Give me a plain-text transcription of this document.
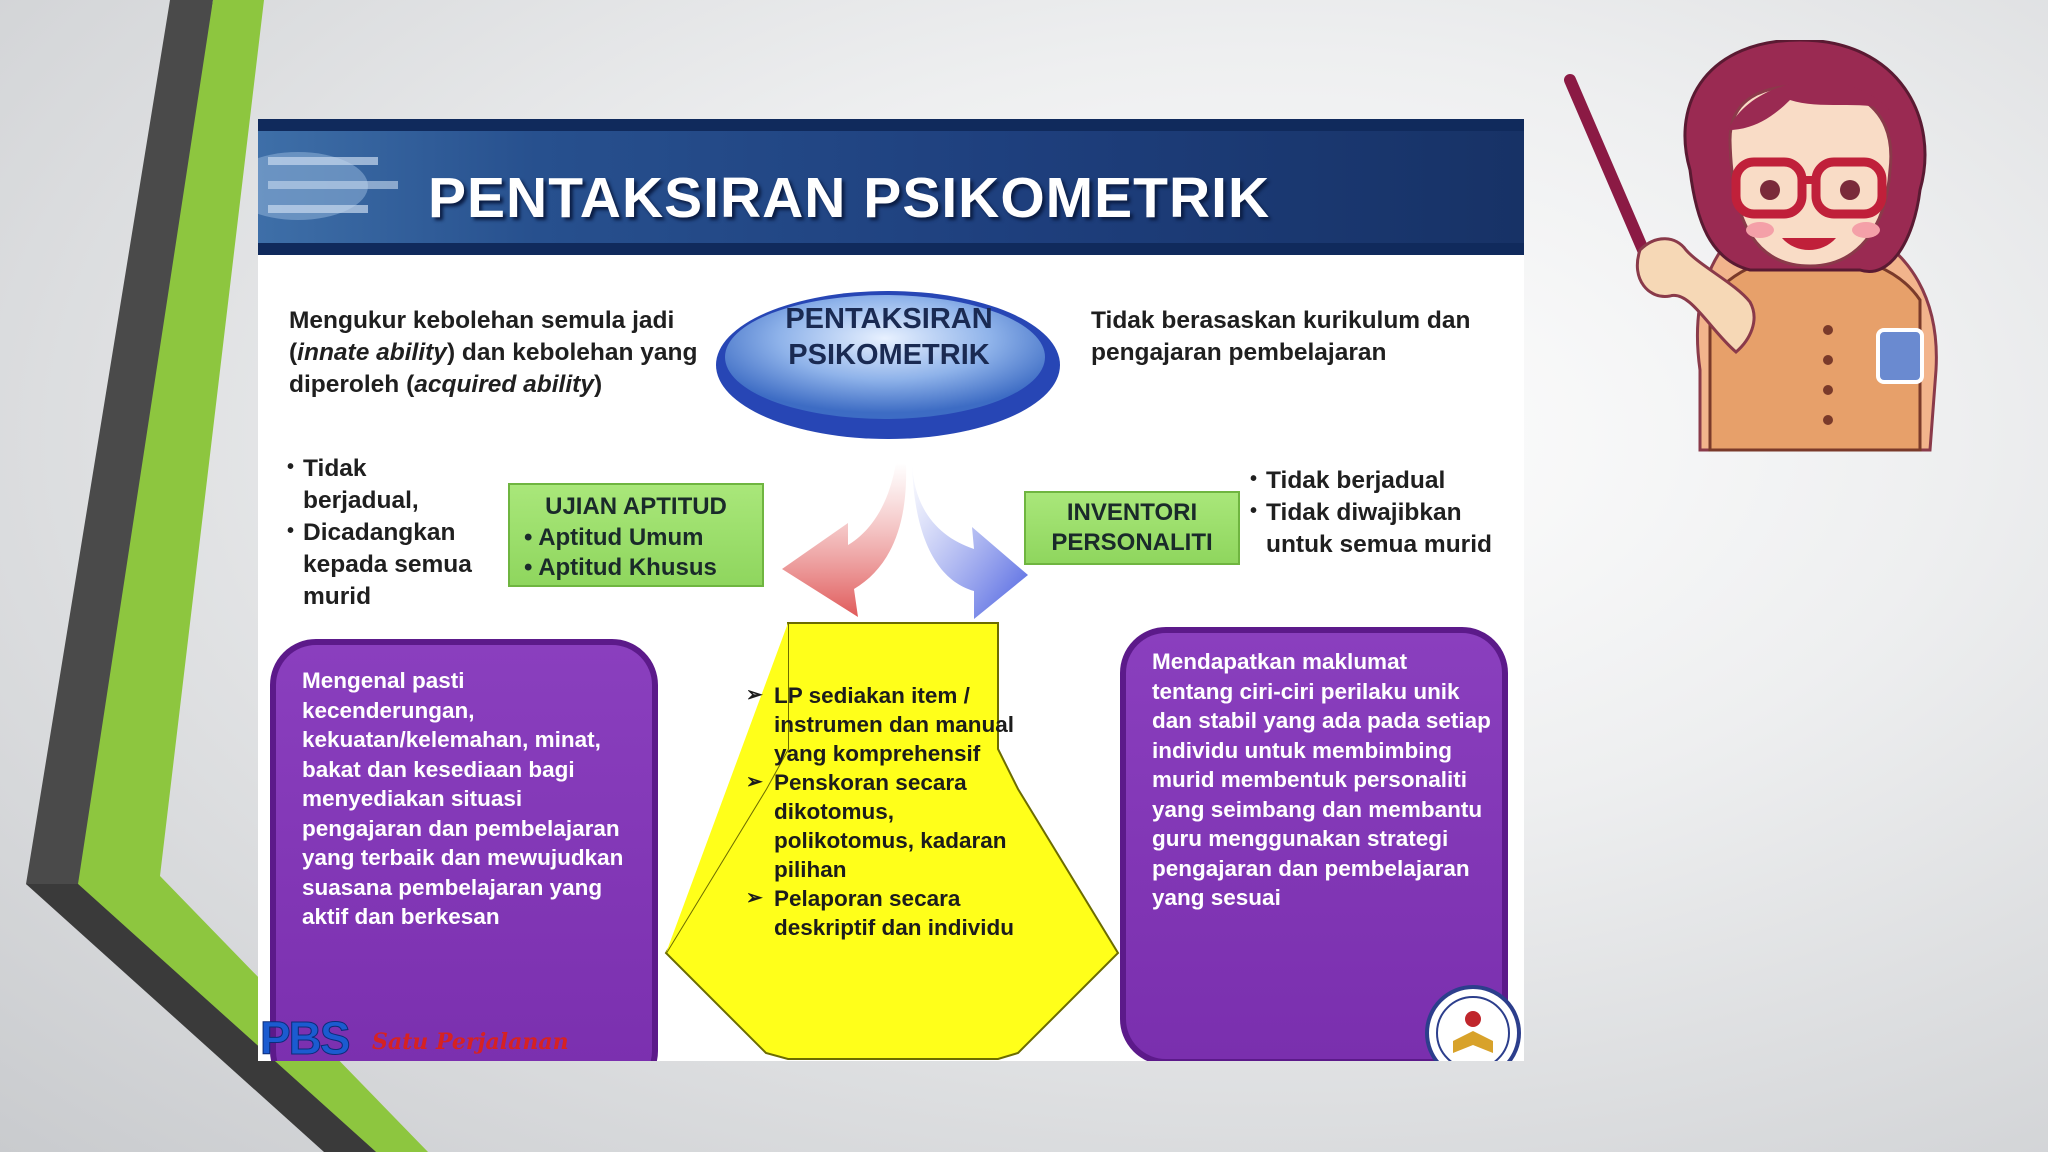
PENTAKSIRAN PSIKOMETRIK
Mengukur kebolehan semula jadi (innate ability) dan kebolehan yang diperoleh (acquired ability)
PENTAKSIRAN
PSIKOMETRIK
Tidak berasaskan kurikulum dan pengajaran pembelajaran
• Tidak berjadual,
• Dicadangkan kepada semua murid
UJIAN APTITUD
• Aptitud Umum
• Aptitud Khusus
INVENTORI
PERSONALITI
• Tidak berjadual
• Tidak diwajibkan untuk semua murid
Mengenal pasti kecenderungan, kekuatan/kelemahan, minat, bakat dan kesediaan bagi menyediakan situasi pengajaran dan pembelajaran yang terbaik dan mewujudkan suasana pembelajaran yang aktif dan berkesan
➢ LP sediakan item / instrumen dan manual yang komprehensif
➢ Penskoran secara dikotomus, polikotomus, kadaran pilihan
➢ Pelaporan secara deskriptif dan individu
Mendapatkan maklumat tentang ciri-ciri perilaku unik dan stabil yang ada pada setiap individu untuk membimbing murid membentuk personaliti yang seimbang dan membantu guru menggunakan strategi pengajaran dan pembelajaran yang sesuai
PBS Satu Perjalanan
